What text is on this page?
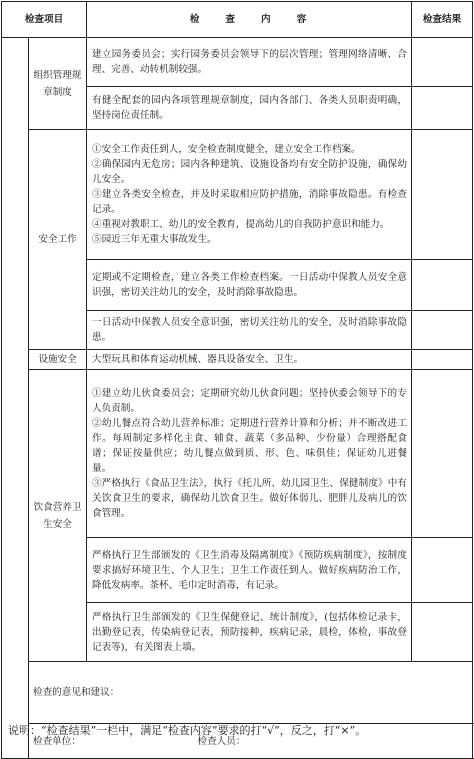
检查项目		检查内容	检查结果
	组织管理规章制度	建立园务委员会；实行园务委员会领导下的层次管理；管理网络清晰、合理、完善、动转机制较强。	
		有健全配套的园内各项管理规章制度，园内各部门、各类人员职责明确，坚持岗位责任制。	
	安全工作	①安全工作责任到人，安全检查制度健全，建立安全工作档案。

②确保园内无危房；园内各种建筑、设施设备均有安全防护设施，确保幼儿安全。

③建立各类安全检查，并及时采取相应防护措施，消除事故隐患。有检查记录。

④重视对教职工、幼儿的安全教育，提高幼儿的自我防护意识和能力。

⑤园近三年无重大事故发生。	

		定期或不定期检查，建立各类工作检查档案。一日活动中保教人员安全意识强，密切关注幼儿的安全，及时消除事故隐患。	
		一日活动中保教人员安全意识强，密切关注幼儿的安全，及时消除事故隐患。	
	设施安全	大型玩具和体育运动机械、器具设备安全、卫生。	
	饮食营养卫生安全	①建立幼儿伙食委员会；定期研究幼儿伙食问题；坚持伙委会领导下的专人负责制。

②幼儿餐点符合幼儿营养标准；定期进行营养计算和分析；并不断改进工作。每周制定多样化主食、辅食、蔬菜（多品种、少份量）合理搭配食谱；保证按量供应；幼儿餐点做到质、形、色、味俱佳；保证幼儿进餐量。

③严格执行《食品卫生法》，执行《托儿所、幼儿园卫生、保健制度》中有关饮食卫生的要求，确保幼儿饮食卫生。做好体弱儿、肥胖儿及病儿的饮食管理。	

		严格执行卫生部颁发的《卫生消毒及隔离制度》《预防疾病制度》，按制度要求搞好环境卫生、个人卫生；卫生工作责任到人。做好疾病防治工作，降低发病率。茶杯、毛巾定时消毒，有记录。	
		严格执行卫生部颁发的《卫生保健登记、统计制度》，(包括体检记录卡，出勤登记表，传染病登记表，预防接种，疾病记录，晨检，体检，事故登记表等)，有关图表上墙。	
	检查的意见和建议：		
	检查单位： 检查人员：		
说明：“检查结果”一栏中，满足“检查内容”要求的打“√”，反之，打“×”。
